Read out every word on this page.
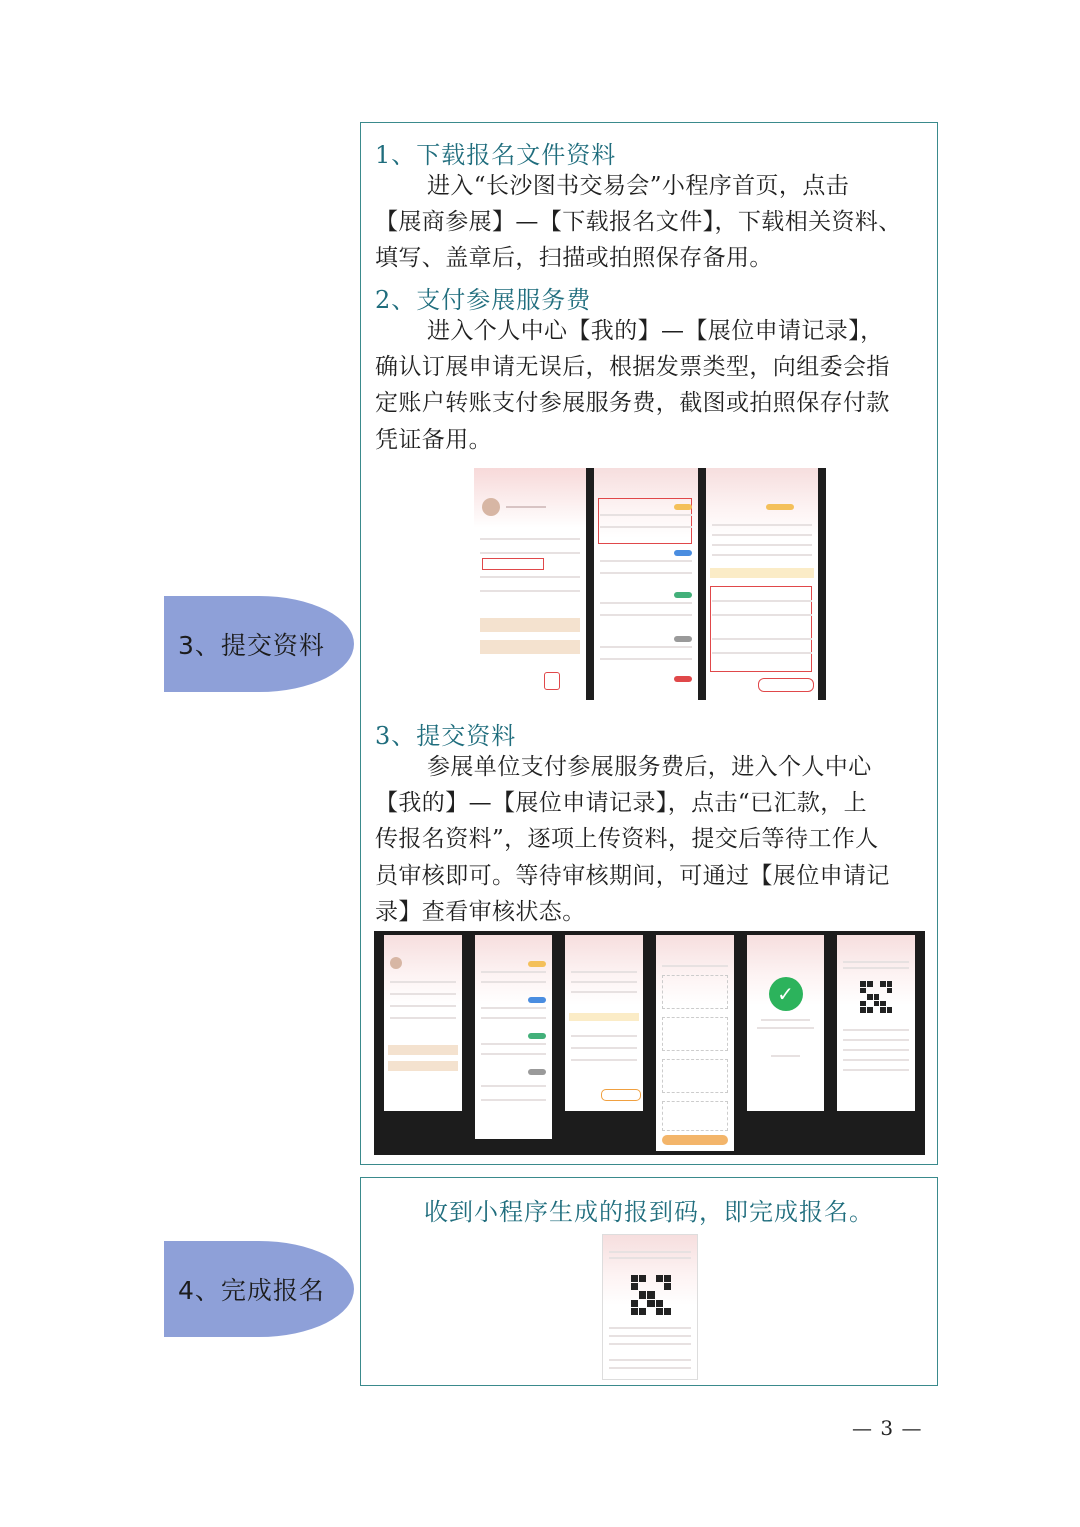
3、提交资料
4、完成报名
1、下载报名文件资料
进入“长沙图书交易会”小程序首页，点击
【展商参展】—【下载报名文件】，下载相关资料、
填写、盖章后，扫描或拍照保存备用。
2、支付参展服务费
进入个人中心【我的】—【展位申请记录】，
确认订展申请无误后，根据发票类型，向组委会指
定账户转账支付参展服务费，截图或拍照保存付款
凭证备用。
3、提交资料
参展单位支付参展服务费后，进入个人中心
【我的】—【展位申请记录】，点击“已汇款，上
传报名资料”，逐项上传资料，提交后等待工作人
员审核即可。等待审核期间，可通过【展位申请记
录】查看审核状态。
✓
收到小程序生成的报到码，即完成报名。
— 3 —
